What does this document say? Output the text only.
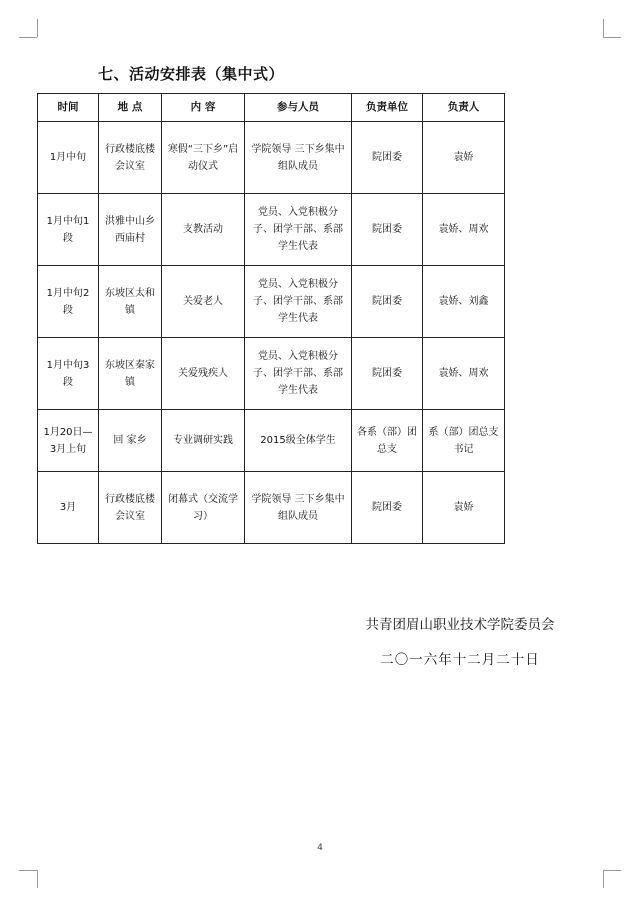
七、活动安排表（集中式）
时间	地 点	内 容	参与人员	负责单位	负责人
1月中旬	行政楼底楼会议室	寒假“三下乡”启动仪式	学院领导 三下乡集中组队成员	院团委	袁娇
1月中旬1段	洪雅中山乡西庙村	支教活动	党员、入党积极分子、团学干部、系部学生代表	院团委	袁娇、周欢
1月中旬2段	东坡区太和镇	关爱老人	党员、入党积极分子、团学干部、系部学生代表	院团委	袁娇、刘鑫
1月中旬3段	东坡区秦家镇	关爱残疾人	党员、入党积极分子、团学干部、系部学生代表	院团委	袁娇、周欢
1月20日—3月上旬	回 家乡	专业调研实践	2015级全体学生	各系（部）团总支	系（部）团总支书记
3月	行政楼底楼会议室	闭幕式（交流学习）	学院领导 三下乡集中组队成员	院团委	袁娇
共青团眉山职业技术学院委员会
二〇一六年十二月二十日
4
